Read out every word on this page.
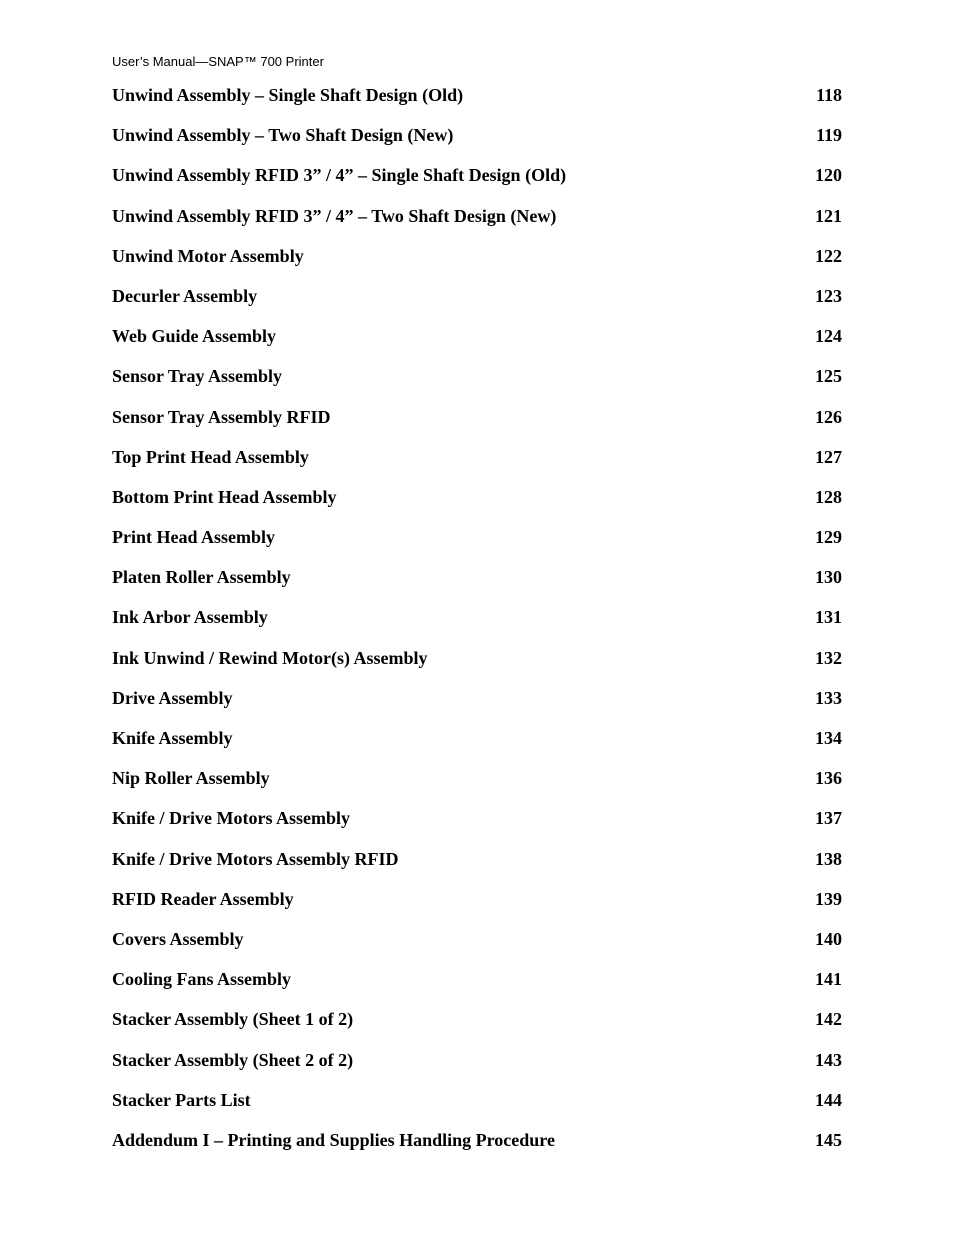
User’s Manual—SNAP™ 700 Printer
Unwind Assembly – Single Shaft Design (Old)	118
Unwind Assembly – Two Shaft Design (New)	119
Unwind Assembly RFID 3” / 4” – Single Shaft Design (Old)	120
Unwind Assembly RFID 3” / 4” – Two Shaft Design (New)	121
Unwind Motor Assembly	122
Decurler Assembly	123
Web Guide Assembly	124
Sensor Tray Assembly	125
Sensor Tray Assembly RFID	126
Top Print Head Assembly	127
Bottom Print Head Assembly	128
Print Head Assembly	129
Platen Roller Assembly	130
Ink Arbor Assembly	131
Ink Unwind / Rewind Motor(s) Assembly	132
Drive Assembly	133
Knife Assembly	134
Nip Roller Assembly	136
Knife / Drive Motors Assembly	137
Knife / Drive Motors Assembly RFID	138
RFID Reader Assembly	139
Covers Assembly	140
Cooling Fans Assembly	141
Stacker Assembly (Sheet 1 of 2)	142
Stacker Assembly (Sheet 2 of 2)	143
Stacker Parts List	144
Addendum I – Printing and Supplies Handling Procedure	145
